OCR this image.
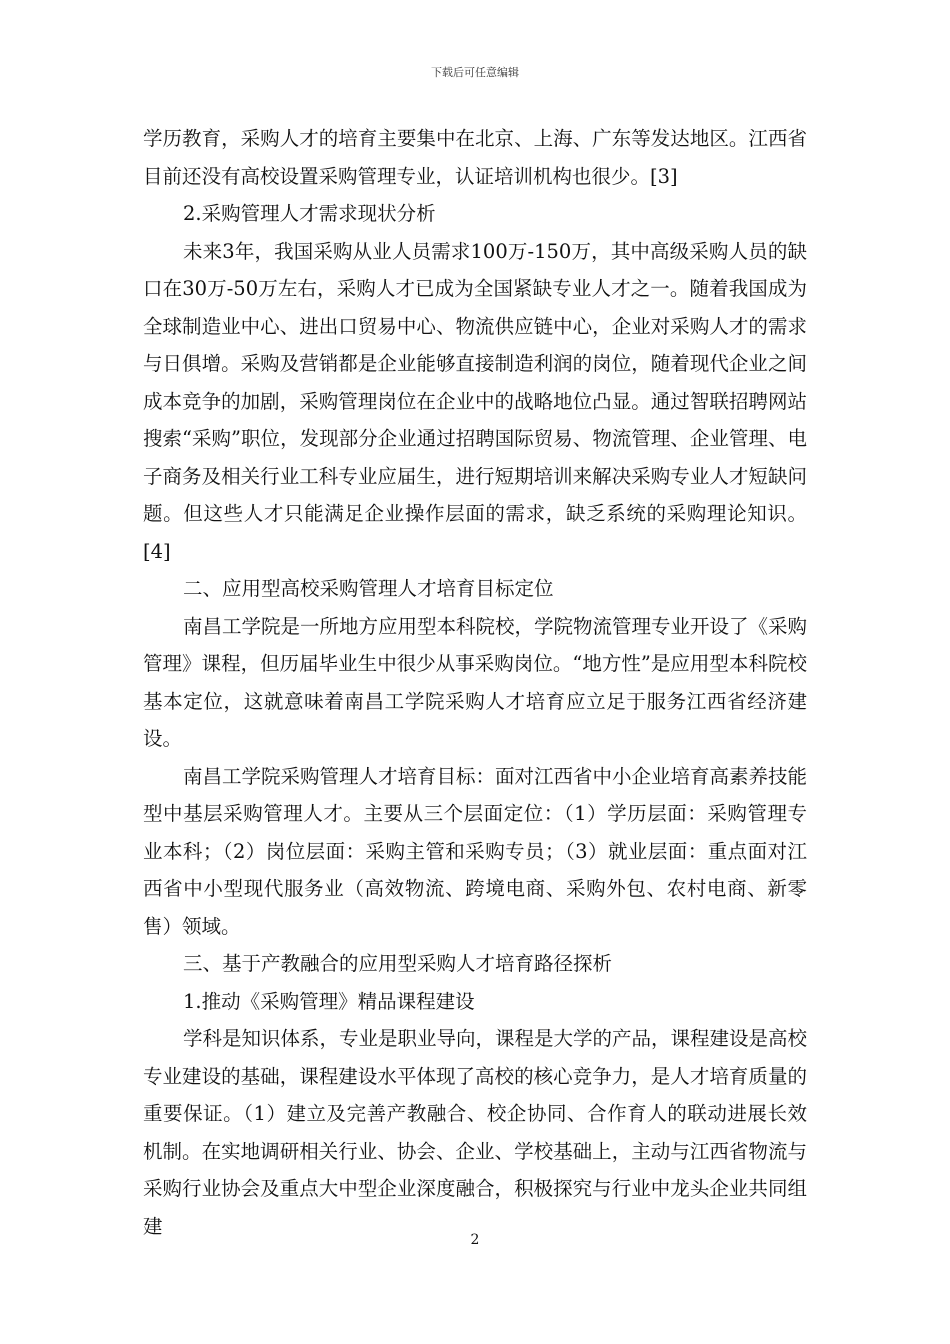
下载后可任意编辑

学历教育，采购人才的培育主要集中在北京、上海、广东等发达地区。江西省目前还没有高校设置采购管理专业，认证培训机构也很少。[3]

2.采购管理人才需求现状分析

未来3年，我国采购从业人员需求100万-150万，其中高级采购人员的缺口在30万-50万左右，采购人才已成为全国紧缺专业人才之一。随着我国成为全球制造业中心、进出口贸易中心、物流供应链中心，企业对采购人才的需求与日俱增。采购及营销都是企业能够直接制造利润的岗位，随着现代企业之间成本竞争的加剧，采购管理岗位在企业中的战略地位凸显。通过智联招聘网站搜索“采购”职位，发现部分企业通过招聘国际贸易、物流管理、企业管理、电子商务及相关行业工科专业应届生，进行短期培训来解决采购专业人才短缺问题。但这些人才只能满足企业操作层面的需求，缺乏系统的采购理论知识。[4]

二、应用型高校采购管理人才培育目标定位

南昌工学院是一所地方应用型本科院校，学院物流管理专业开设了《采购管理》课程，但历届毕业生中很少从事采购岗位。“地方性”是应用型本科院校基本定位，这就意味着南昌工学院采购人才培育应立足于服务江西省经济建设。

南昌工学院采购管理人才培育目标：面对江西省中小企业培育高素养技能型中基层采购管理人才。主要从三个层面定位：（1）学历层面：采购管理专业本科；（2）岗位层面：采购主管和采购专员；（3）就业层面：重点面对江西省中小型现代服务业（高效物流、跨境电商、采购外包、农村电商、新零售）领域。

三、基于产教融合的应用型采购人才培育路径探析

1.推动《采购管理》精品课程建设

学科是知识体系，专业是职业导向，课程是大学的产品，课程建设是高校专业建设的基础，课程建设水平体现了高校的核心竞争力，是人才培育质量的重要保证。（1）建立及完善产教融合、校企协同、合作育人的联动进展长效机制。在实地调研相关行业、协会、企业、学校基础上，主动与江西省物流与采购行业协会及重点大中型企业深度融合，积极探究与行业中龙头企业共同组建

2
